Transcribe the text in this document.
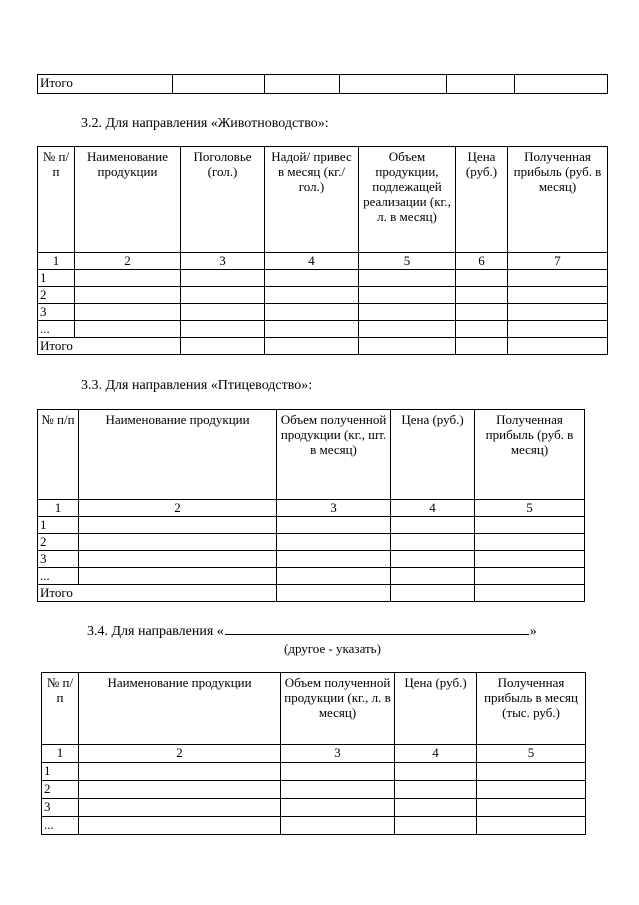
Итого					
3.2. Для направления «Животноводство»:
№ п/п	Наименование продукции	Поголовье (гол.)	Надой/ привес в месяц (кг./гол.)	Объем продукции, подлежащей реализации (кг., л. в месяц)	Цена (руб.)	Полученная прибыль (руб. в месяц)
1	2	3	4	5	6	7
1						
2						
3						
...						
Итого						
3.3. Для направления «Птицеводство»:
№ п/п	Наименование продукции	Объем полученной продукции (кг., шт. в месяц)	Цена (руб.)	Полученная прибыль (руб. в месяц)
1	2	3	4	5
1				
2				
3				
...				
Итого				
3.4. Для направления «	»
(другое - указать)
№ п/п	Наименование продукции	Объем полученной продукции (кг., л. в месяц)	Цена (руб.)	Полученная прибыль в месяц (тыс. руб.)
1	2	3	4	5
1				
2				
3				
...				
